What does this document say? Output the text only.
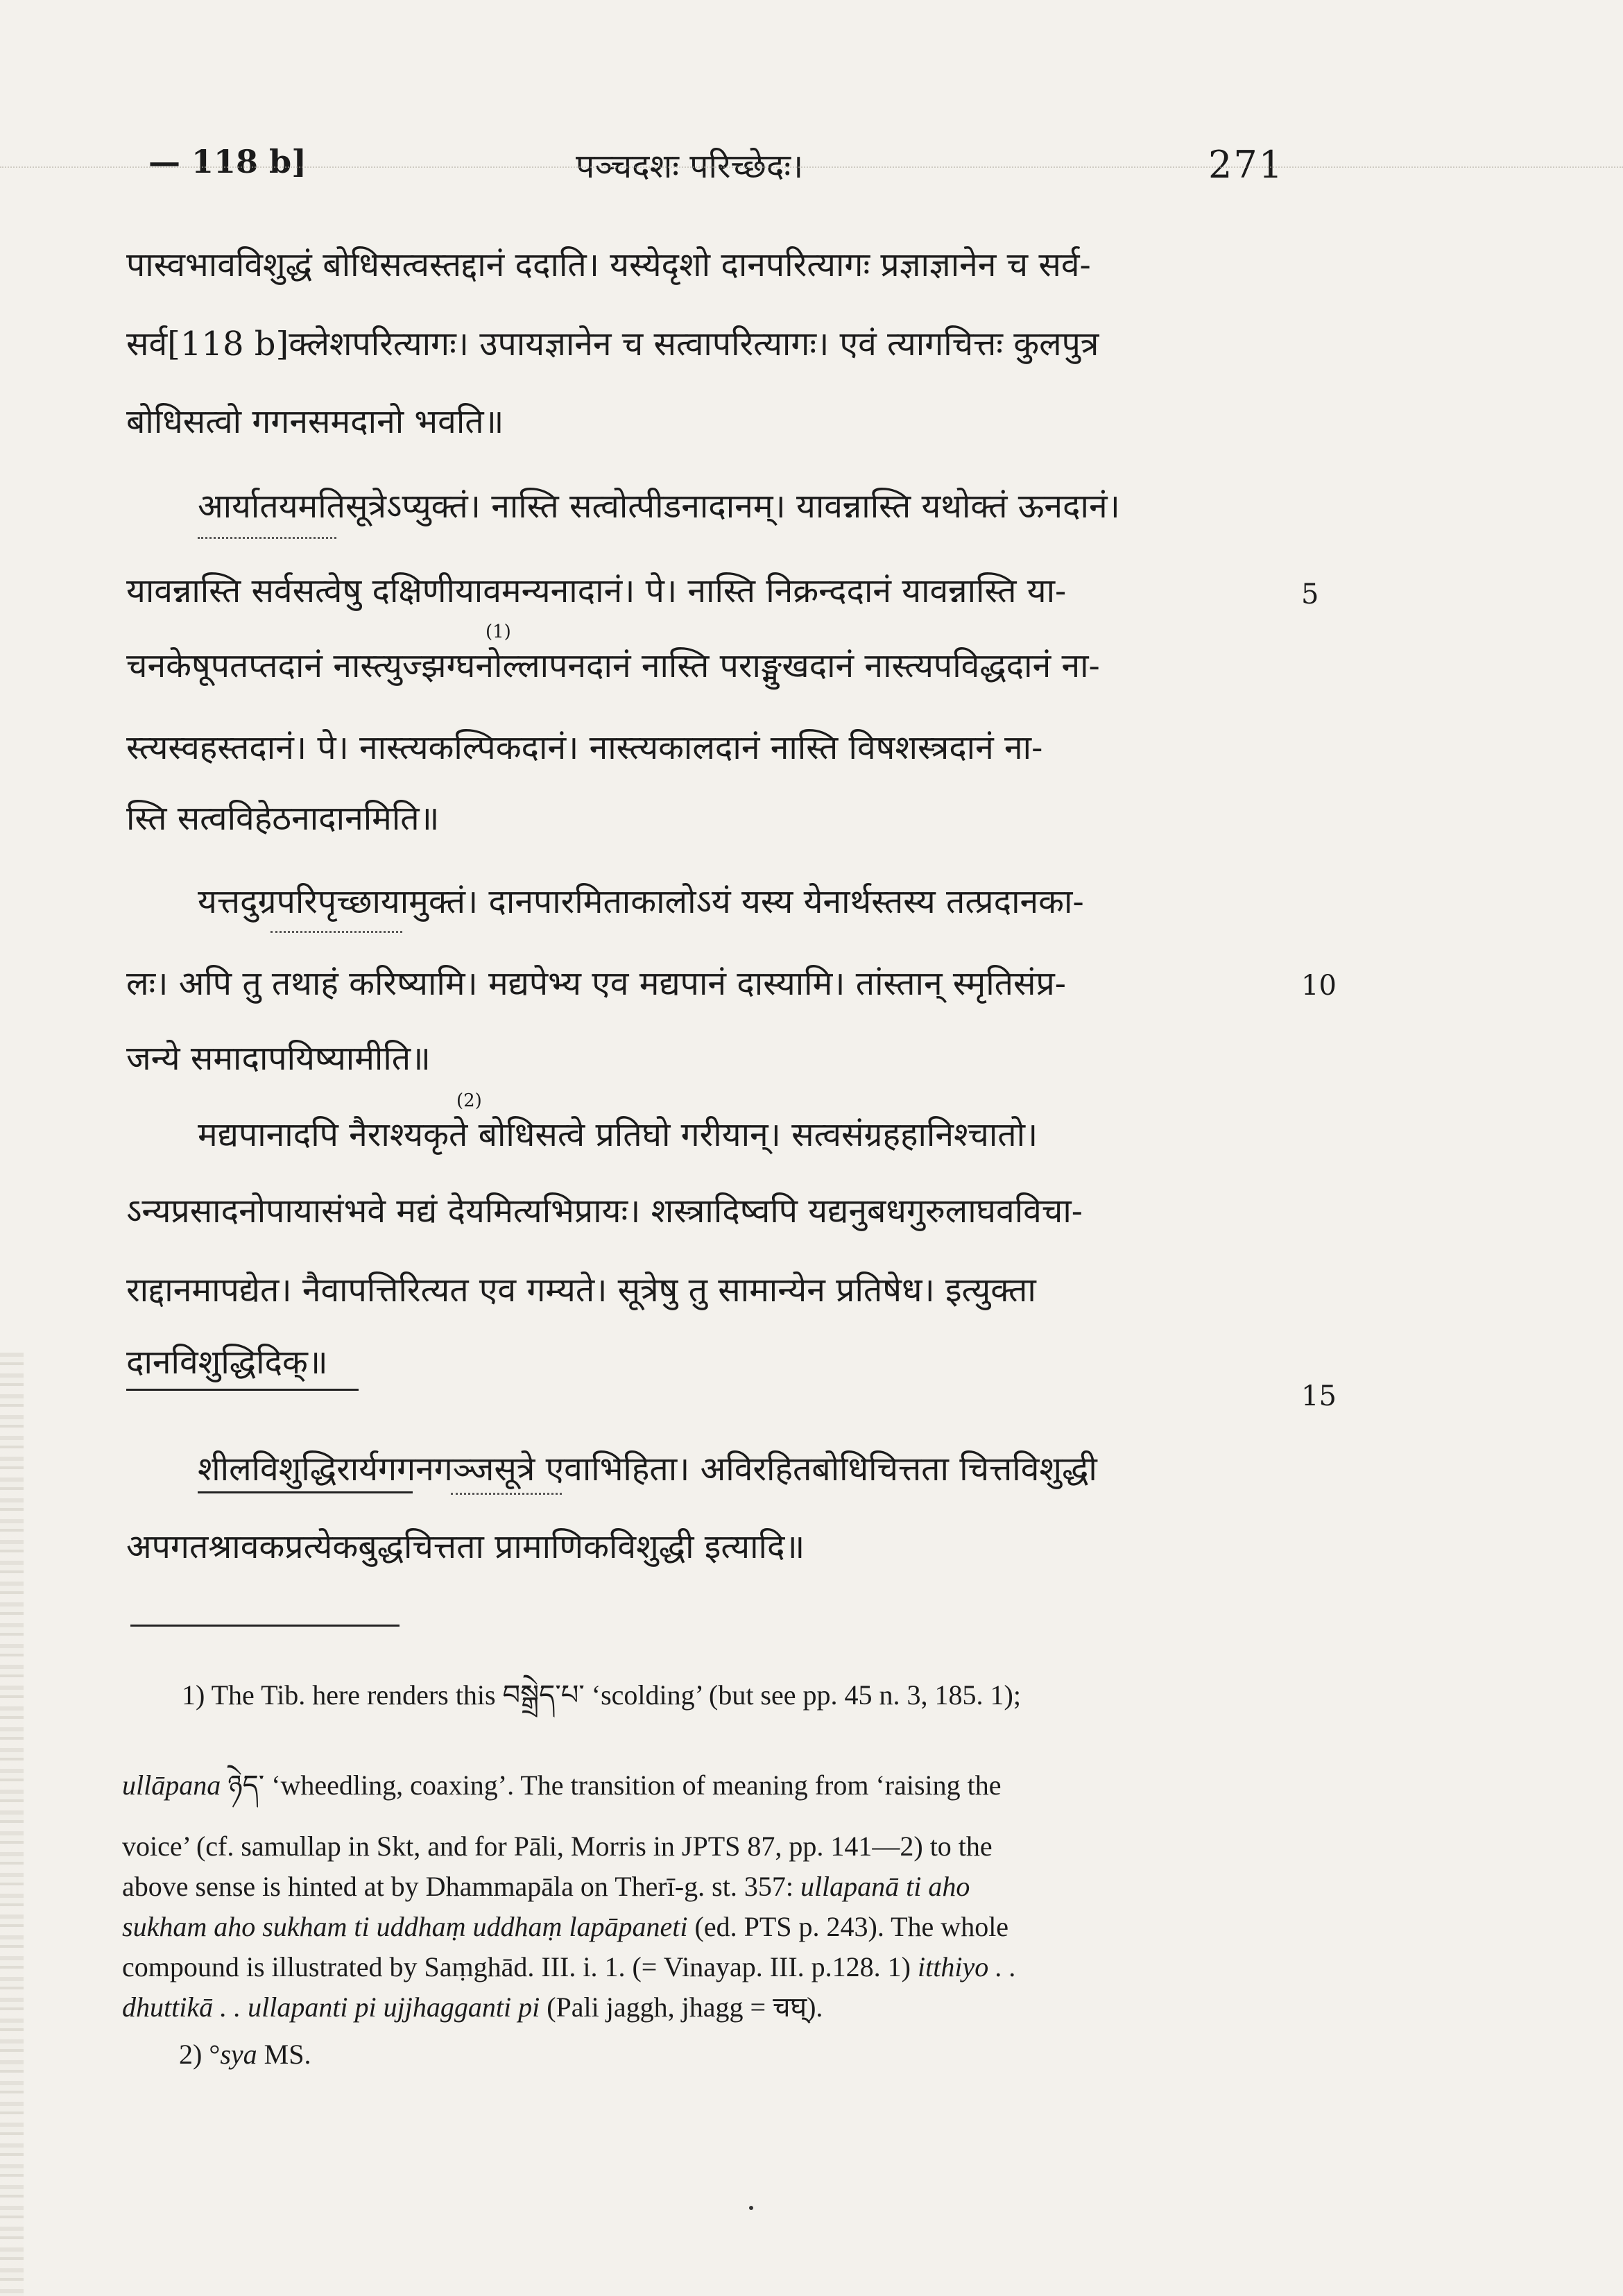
— 118 b]	पञ्चदशः परिच्छेदः।	271
पास्वभावविशुद्धं बोधिसत्वस्तद्दानं ददाति। यस्येदृशो दानपरित्यागः प्रज्ञाज्ञानेन च सर्व-
सर्व[118 b]क्लेशपरित्यागः। उपायज्ञानेन च सत्वापरित्यागः। एवं त्यागचित्तः कुलपुत्र
बोधिसत्वो गगनसमदानो भवति॥
आर्यातयमतिसूत्रेऽप्युक्तं। नास्ति सत्वोत्पीडनादानम्। यावन्नास्ति यथोक्तं ऊनदानं।
यावन्नास्ति सर्वसत्वेषु दक्षिणीयावमन्यनादानं। पे। नास्ति निक्रन्ददानं यावन्नास्ति या-	5
(1)
चनकेषूपतप्तदानं नास्त्युज्झग्घनोल्लापनदानं नास्ति पराङ्मुखदानं नास्त्यपविद्धदानं ना-
स्त्यस्वहस्तदानं। पे। नास्त्यकल्पिकदानं। नास्त्यकालदानं नास्ति विषशस्त्रदानं ना-
स्ति सत्वविहेठनादानमिति॥
यत्तदुग्रपरिपृच्छायामुक्तं। दानपारमिताकालोऽयं यस्य येनार्थस्तस्य तत्प्रदानका-
लः। अपि तु तथाहं करिष्यामि। मद्यपेभ्य एव मद्यपानं दास्यामि। तांस्तान् स्मृतिसंप्र-	10
जन्ये समादापयिष्यामीति॥
(2)
मद्यपानादपि नैराश्यकृते बोधिसत्वे प्रतिघो गरीयान्। सत्वसंग्रहहानिश्चातो।
ऽन्यप्रसादनोपायासंभवे मद्यं देयमित्यभिप्रायः। शस्त्रादिष्वपि यद्यनुबधगुरुलाघवविचा-
राद्दानमापद्येत। नैवापत्तिरित्यत एव गम्यते। सूत्रेषु तु सामान्येन प्रतिषेध। इत्युक्ता
दानविशुद्धिदिक्॥
15
शीलविशुद्धिरार्यगगनगञ्जसूत्रे एवाभिहिता। अविरहितबोधिचित्तता चित्तविशुद्धी
अपगतश्रावकप्रत्येकबुद्धचित्तता प्रामाणिकविशुद्धी इत्यादि॥
1) The Tib. here renders this བསྒྲེད་པ་ ‘scolding’ (but see pp. 45 n. 3, 185. 1);
ullāpana ཉེད་ ‘wheedling, coaxing’. The transition of meaning from ‘raising the
voice’ (cf. samullap in Skt, and for Pāli, Morris in JPTS 87, pp. 141—2) to the
above sense is hinted at by Dhammapāla on Therī-g. st. 357: ullapanā ti aho
sukham aho sukham ti uddhaṃ uddhaṃ lapāpaneti (ed. PTS p. 243). The whole
compound is illustrated by Saṃghād. III. i. 1. (= Vinayap. III. p.128. 1) itthiyo . .
dhuttikā . . ullapanti pi ujjhagganti pi (Pali jaggh, jhagg = चघ्).
2) °sya MS.
